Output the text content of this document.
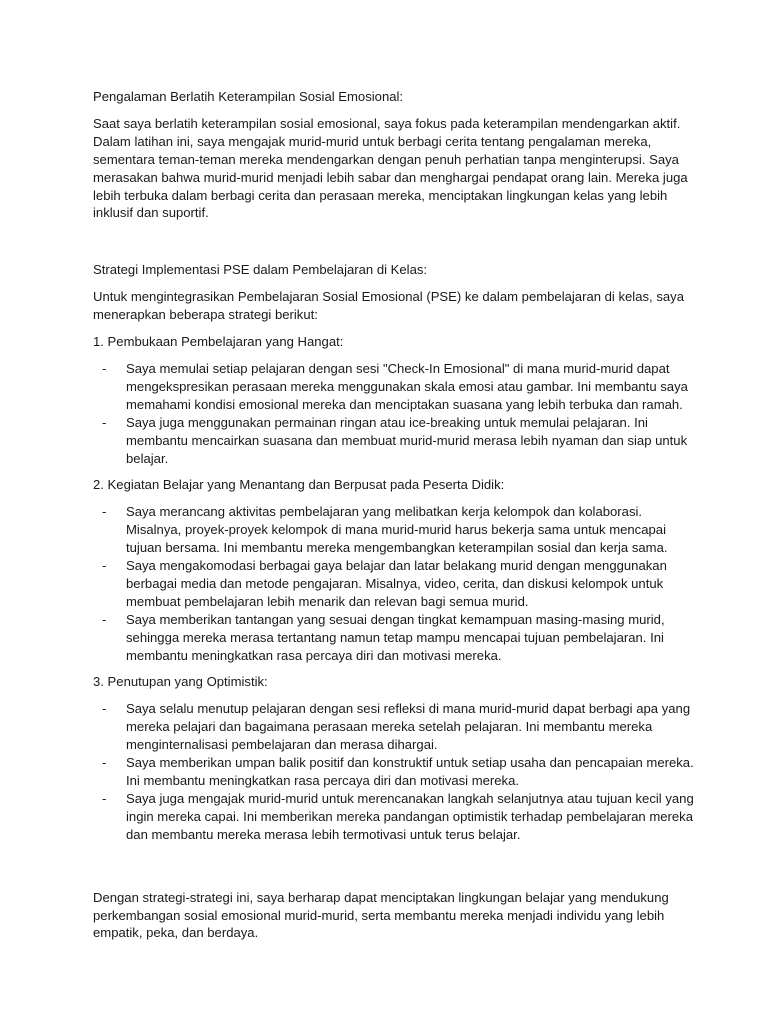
Pengalaman Berlatih Keterampilan Sosial Emosional:

Saat saya berlatih keterampilan sosial emosional, saya fokus pada keterampilan mendengarkan aktif. Dalam latihan ini, saya mengajak murid-murid untuk berbagi cerita tentang pengalaman mereka, sementara teman-teman mereka mendengarkan dengan penuh perhatian tanpa menginterupsi. Saya merasakan bahwa murid-murid menjadi lebih sabar dan menghargai pendapat orang lain. Mereka juga lebih terbuka dalam berbagi cerita dan perasaan mereka, menciptakan lingkungan kelas yang lebih inklusif dan suportif.

Strategi Implementasi PSE dalam Pembelajaran di Kelas:

Untuk mengintegrasikan Pembelajaran Sosial Emosional (PSE) ke dalam pembelajaran di kelas, saya menerapkan beberapa strategi berikut:

1. Pembukaan Pembelajaran yang Hangat:

- Saya memulai setiap pelajaran dengan sesi "Check-In Emosional" di mana murid-murid dapat mengekspresikan perasaan mereka menggunakan skala emosi atau gambar. Ini membantu saya memahami kondisi emosional mereka dan menciptakan suasana yang lebih terbuka dan ramah.
- Saya juga menggunakan permainan ringan atau ice-breaking untuk memulai pelajaran. Ini membantu mencairkan suasana dan membuat murid-murid merasa lebih nyaman dan siap untuk belajar.

2. Kegiatan Belajar yang Menantang dan Berpusat pada Peserta Didik:

- Saya merancang aktivitas pembelajaran yang melibatkan kerja kelompok dan kolaborasi. Misalnya, proyek-proyek kelompok di mana murid-murid harus bekerja sama untuk mencapai tujuan bersama. Ini membantu mereka mengembangkan keterampilan sosial dan kerja sama.
- Saya mengakomodasi berbagai gaya belajar dan latar belakang murid dengan menggunakan berbagai media dan metode pengajaran. Misalnya, video, cerita, dan diskusi kelompok untuk membuat pembelajaran lebih menarik dan relevan bagi semua murid.
- Saya memberikan tantangan yang sesuai dengan tingkat kemampuan masing-masing murid, sehingga mereka merasa tertantang namun tetap mampu mencapai tujuan pembelajaran. Ini membantu meningkatkan rasa percaya diri dan motivasi mereka.

3. Penutupan yang Optimistik:

- Saya selalu menutup pelajaran dengan sesi refleksi di mana murid-murid dapat berbagi apa yang mereka pelajari dan bagaimana perasaan mereka setelah pelajaran. Ini membantu mereka menginternalisasi pembelajaran dan merasa dihargai.
- Saya memberikan umpan balik positif dan konstruktif untuk setiap usaha dan pencapaian mereka. Ini membantu meningkatkan rasa percaya diri dan motivasi mereka.
- Saya juga mengajak murid-murid untuk merencanakan langkah selanjutnya atau tujuan kecil yang ingin mereka capai. Ini memberikan mereka pandangan optimistik terhadap pembelajaran mereka dan membantu mereka merasa lebih termotivasi untuk terus belajar.

Dengan strategi-strategi ini, saya berharap dapat menciptakan lingkungan belajar yang mendukung perkembangan sosial emosional murid-murid, serta membantu mereka menjadi individu yang lebih empatik, peka, dan berdaya.
